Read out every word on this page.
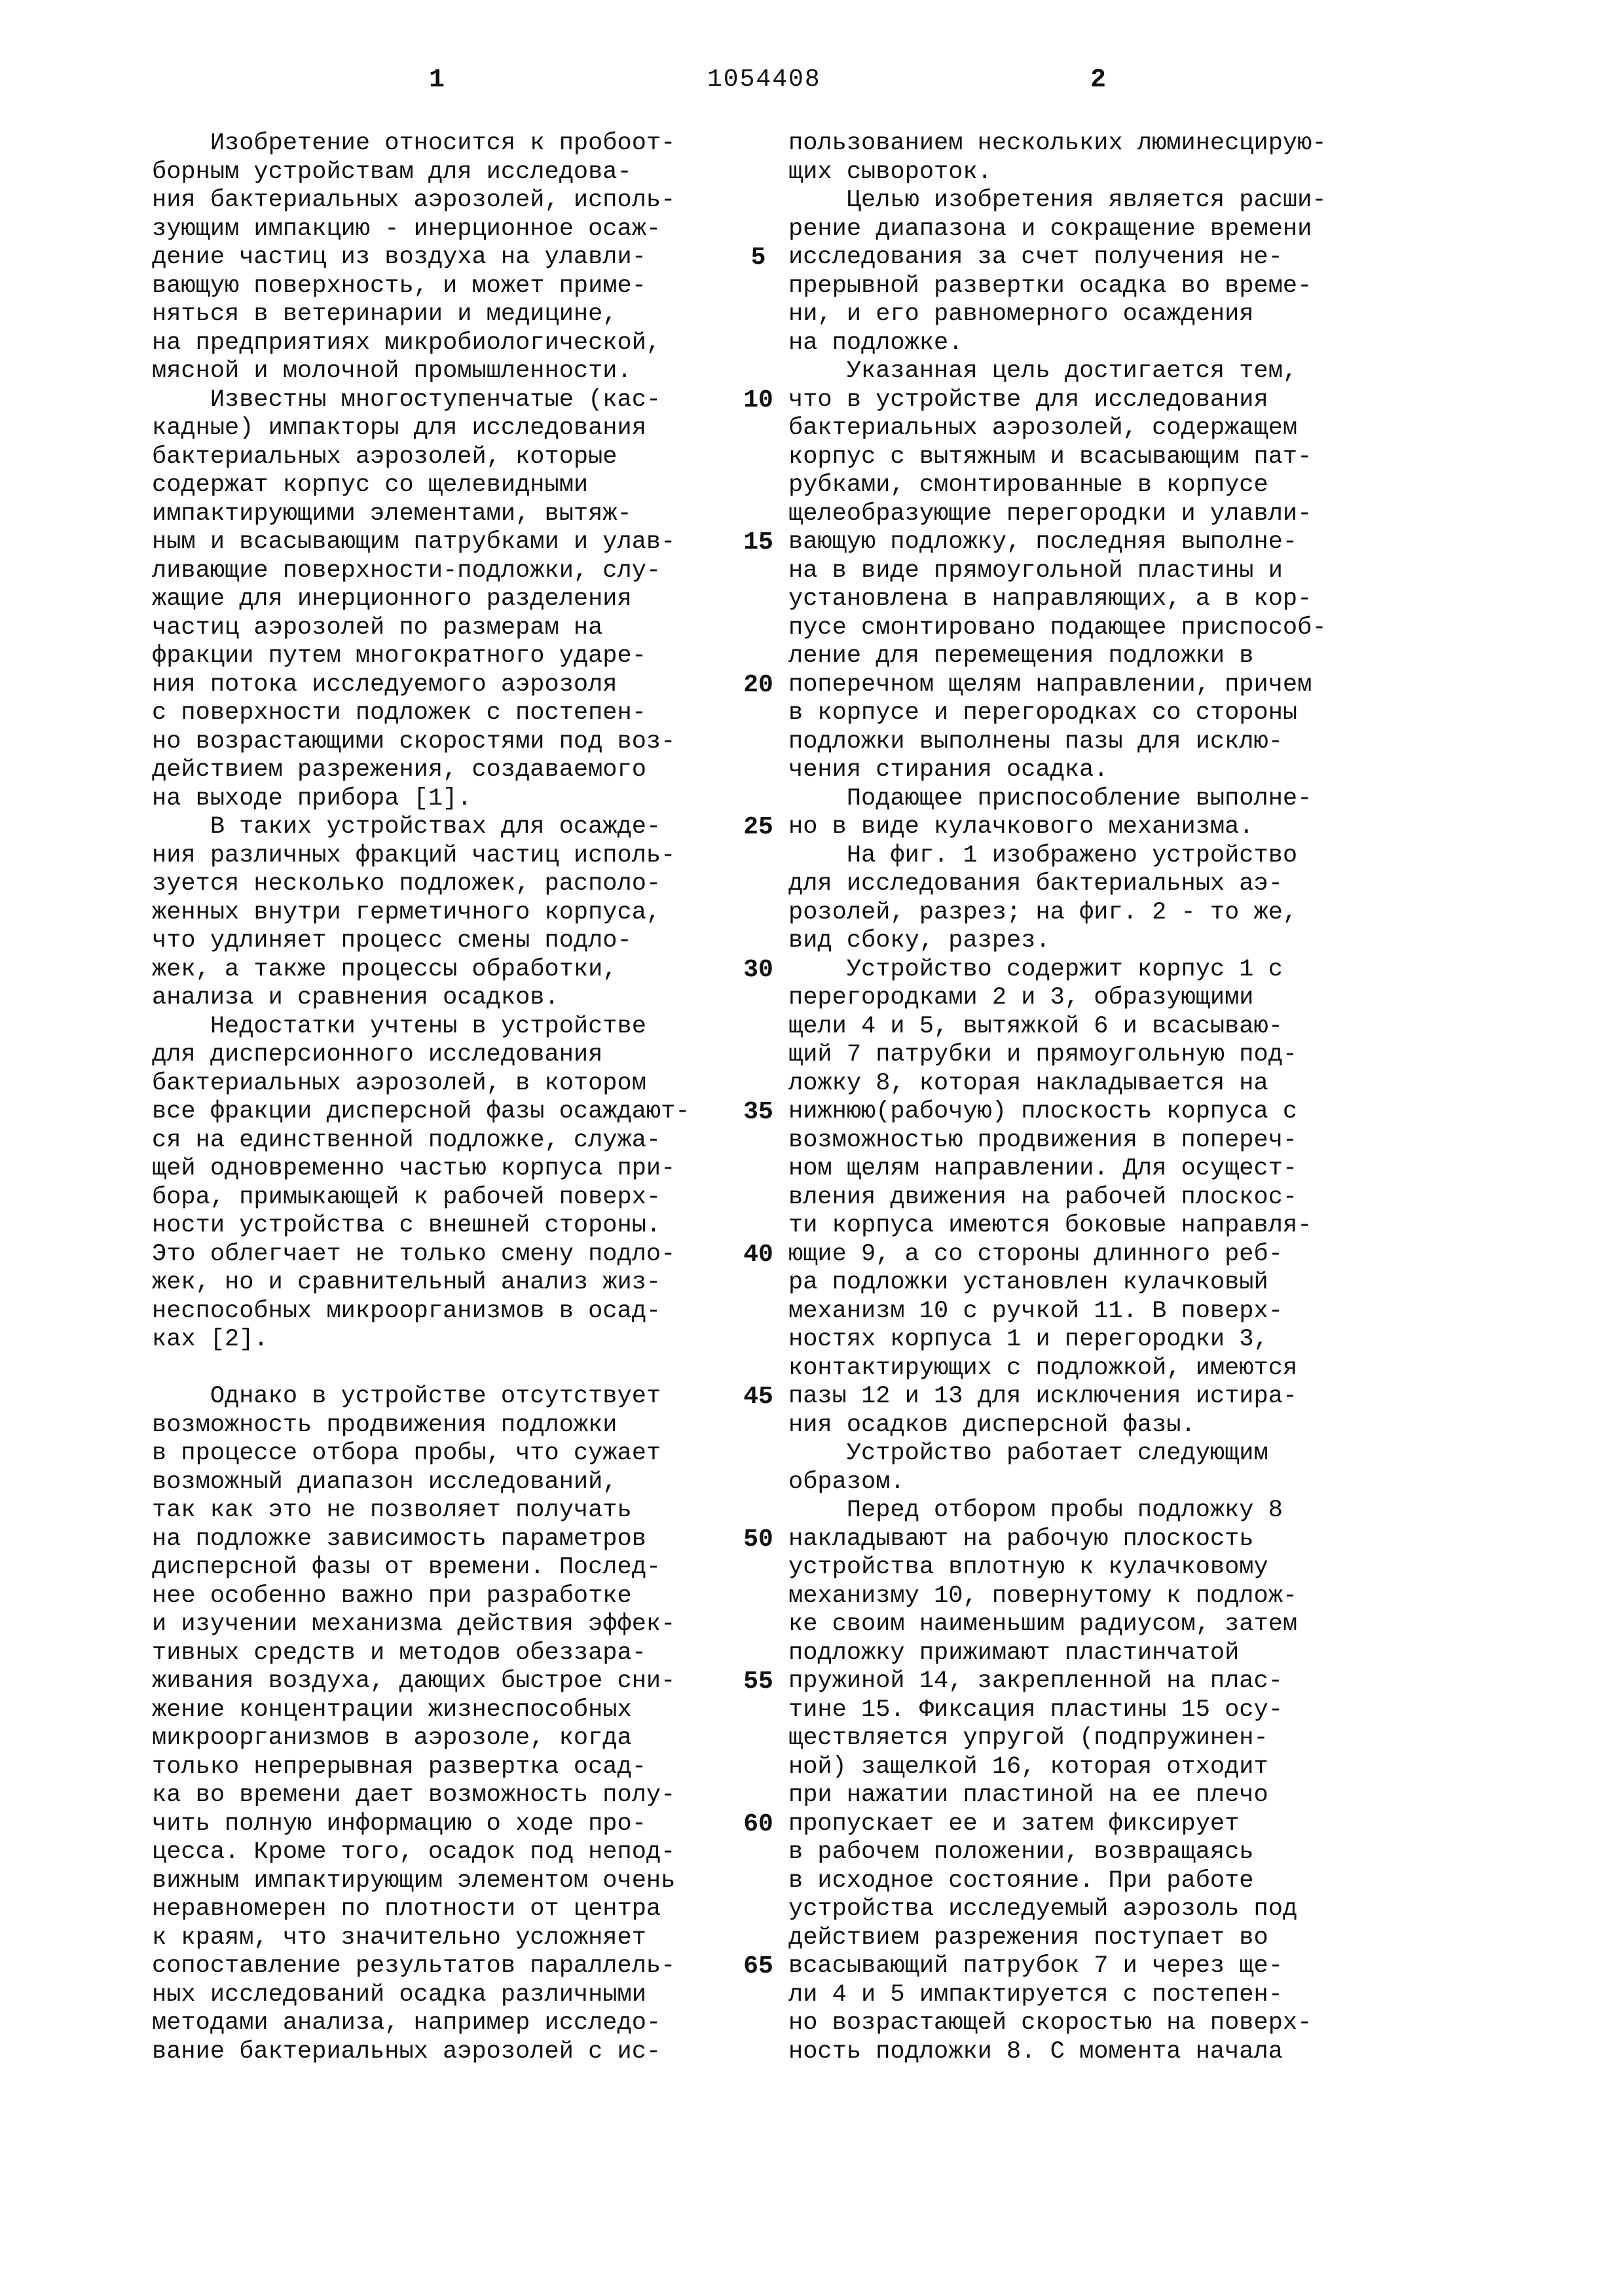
1	1054408	2
Изобретение относится к пробоот-
борным устройствам для исследова-
ния бактериальных аэрозолей, исполь-
зующим импакцию - инерционное осаж-
дение частиц из воздуха на улавли-
вающую поверхность, и может приме-
няться в ветеринарии и медицине,
на предприятиях микробиологической,
мясной и молочной промышленности.
Известны многоступенчатые (кас-
кадные) импакторы для исследования
бактериальных аэрозолей, которые
содержат корпус со щелевидными
импактирующими элементами, вытяж-
ным и всасывающим патрубками и улав-
ливающие поверхности-подложки, слу-
жащие для инерционного разделения
частиц аэрозолей по размерам на
фракции путем многократного ударе-
ния потока исследуемого аэрозоля
с поверхности подложек с постепен-
но возрастающими скоростями под воз-
действием разрежения, создаваемого
на выходе прибора [1].
В таких устройствах для осажде-
ния различных фракций частиц исполь-
зуется несколько подложек, располо-
женных внутри герметичного корпуса,
что удлиняет процесс смены подло-
жек, а также процессы обработки,
анализа и сравнения осадков.
Недостатки учтены в устройстве
для дисперсионного исследования
бактериальных аэрозолей, в котором
все фракции дисперсной фазы осаждают-
ся на единственной подложке, служа-
щей одновременно частью корпуса при-
бора, примыкающей к рабочей поверх-
ности устройства с внешней стороны.
Это облегчает не только смену подло-
жек, но и сравнительный анализ жиз-
неспособных микроорганизмов в осад-
ках [2].

Однако в устройстве отсутствует
возможность продвижения подложки
в процессе отбора пробы, что сужает
возможный диапазон исследований,
так как это не позволяет получать
на подложке зависимость параметров
дисперсной фазы от времени. Послед-
нее особенно важно при разработке
и изучении механизма действия эффек-
тивных средств и методов обеззара-
живания воздуха, дающих быстрое сни-
жение концентрации жизнеспособных
микроорганизмов в аэрозоле, когда
только непрерывная развертка осад-
ка во времени дает возможность полу-
чить полную информацию о ходе про-
цесса. Кроме того, осадок под непод-
вижным импактирующим элементом очень
неравномерен по плотности от центра
к краям, что значительно усложняет
сопоставление результатов параллель-
ных исследований осадка различными
методами анализа, например исследо-
вание бактериальных аэрозолей с ис-
пользованием нескольких люминесцирую-
щих сывороток.
Целью изобретения является расши-
рение диапазона и сокращение времени
исследования за счет получения не-
прерывной развертки осадка во време-
ни, и его равномерного осаждения
на подложке.
Указанная цель достигается тем,
что в устройстве для исследования
бактериальных аэрозолей, содержащем
корпус с вытяжным и всасывающим пат-
рубками, смонтированные в корпусе
щелеобразующие перегородки и улавли-
вающую подложку, последняя выполне-
на в виде прямоугольной пластины и
установлена в направляющих, а в кор-
пусе смонтировано подающее приспособ-
ление для перемещения подложки в
поперечном щелям направлении, причем
в корпусе и перегородках со стороны
подложки выполнены пазы для исклю-
чения стирания осадка.
Подающее приспособление выполне-
но в виде кулачкового механизма.
На фиг. 1 изображено устройство
для исследования бактериальных аэ-
розолей, разрез; на фиг. 2 - то же,
вид сбоку, разрез.
Устройство содержит корпус 1 с
перегородками 2 и 3, образующими
щели 4 и 5, вытяжкой 6 и всасываю-
щий 7 патрубки и прямоугольную под-
ложку 8, которая накладывается на
нижнюю(рабочую) плоскость корпуса с
возможностью продвижения в попереч-
ном щелям направлении. Для осущест-
вления движения на рабочей плоскос-
ти корпуса имеются боковые направля-
ющие 9, а со стороны длинного реб-
ра подложки установлен кулачковый
механизм 10 с ручкой 11. В поверх-
ностях корпуса 1 и перегородки 3,
контактирующих с подложкой, имеются
пазы 12 и 13 для исключения истира-
ния осадков дисперсной фазы.
Устройство работает следующим
образом.
Перед отбором пробы подложку 8
накладывают на рабочую плоскость
устройства вплотную к кулачковому
механизму 10, повернутому к подлож-
ке своим наименьшим радиусом, затем
подложку прижимают пластинчатой
пружиной 14, закрепленной на плас-
тине 15. Фиксация пластины 15 осу-
ществляется упругой (подпружинен-
ной) защелкой 16, которая отходит
при нажатии пластиной на ее плечо
пропускает ее и затем фиксирует
в рабочем положении, возвращаясь
в исходное состояние. При работе
устройства исследуемый аэрозоль под
действием разрежения поступает во
всасывающий патрубок 7 и через ще-
ли 4 и 5 импактируется с постепен-
но возрастающей скоростью на поверх-
ность подложки 8. С момента начала
5
10
15
20
25
30
35
40
45
50
55
60
65
